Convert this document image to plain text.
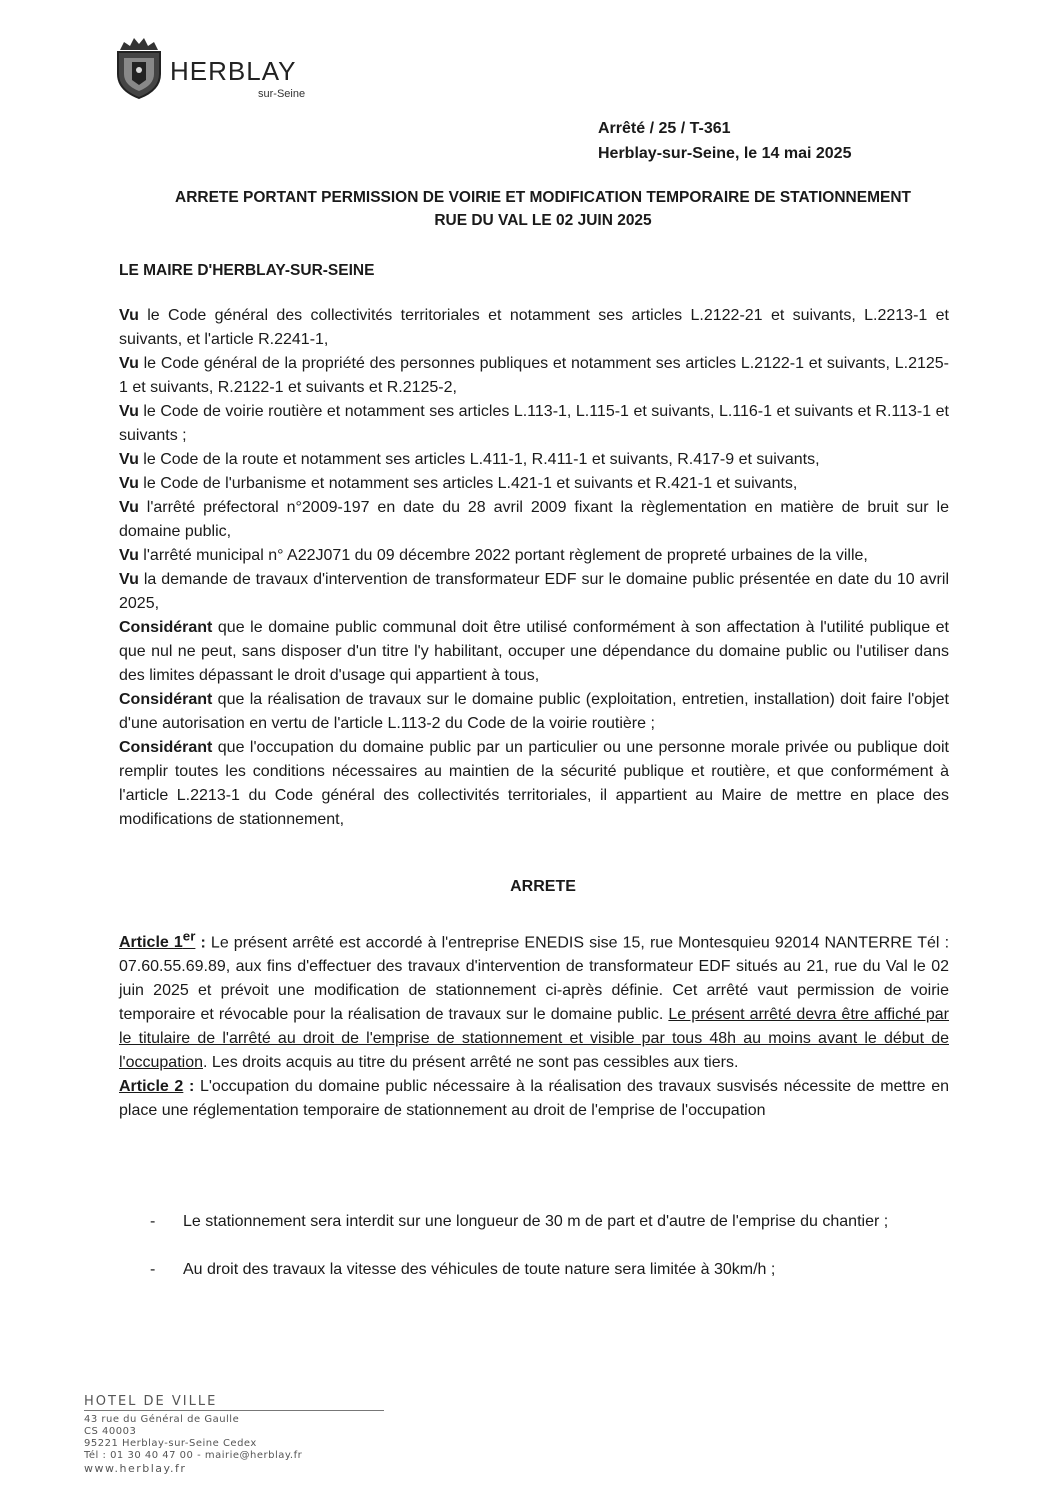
HERBLAY
sur-Seine
Arrêté / 25 / T-361
Herblay-sur-Seine, le 14 mai 2025
ARRETE PORTANT PERMISSION DE VOIRIE ET MODIFICATION TEMPORAIRE DE STATIONNEMENT
RUE DU VAL LE 02 JUIN 2025
LE MAIRE D'HERBLAY-SUR-SEINE

Vu le Code général des collectivités territoriales et notamment ses articles L.2122-21 et suivants, L.2213-1 et suivants, et l'article R.2241-1,

Vu le Code général de la propriété des personnes publiques et notamment ses articles L.2122-1 et suivants, L.2125-1 et suivants, R.2122-1 et suivants et R.2125-2,

Vu le Code de voirie routière et notamment ses articles L.113-1, L.115-1 et suivants, L.116-1 et suivants et R.113-1 et suivants ;

Vu le Code de la route et notamment ses articles L.411-1, R.411-1 et suivants, R.417-9 et suivants,

Vu le Code de l'urbanisme et notamment ses articles L.421-1 et suivants et R.421-1 et suivants,

Vu l'arrêté préfectoral n°2009-197 en date du 28 avril 2009 fixant la règlementation en matière de bruit sur le domaine public,

Vu l'arrêté municipal n° A22J071 du 09 décembre 2022 portant règlement de propreté urbaines de la ville,

Vu la demande de travaux d'intervention de transformateur EDF sur le domaine public présentée en date du 10 avril 2025,

Considérant que le domaine public communal doit être utilisé conformément à son affectation à l'utilité publique et que nul ne peut, sans disposer d'un titre l'y habilitant, occuper une dépendance du domaine public ou l'utiliser dans des limites dépassant le droit d'usage qui appartient à tous,

Considérant que la réalisation de travaux sur le domaine public (exploitation, entretien, installation) doit faire l'objet d'une autorisation en vertu de l'article L.113-2 du Code de la voirie routière ;

Considérant que l'occupation du domaine public par un particulier ou une personne morale privée ou publique doit remplir toutes les conditions nécessaires au maintien de la sécurité publique et routière, et que conformément à l'article L.2213-1 du Code général des collectivités territoriales, il appartient au Maire de mettre en place des modifications de stationnement,

ARRETE

Article 1er : Le présent arrêté est accordé à l'entreprise ENEDIS sise 15, rue Montesquieu 92014 NANTERRE Tél : 07.60.55.69.89, aux fins d'effectuer des travaux d'intervention de transformateur EDF situés au 21, rue du Val le 02 juin 2025 et prévoit une modification de stationnement ci-après définie. Cet arrêté vaut permission de voirie temporaire et révocable pour la réalisation de travaux sur le domaine public. Le présent arrêté devra être affiché par le titulaire de l'arrêté au droit de l'emprise de stationnement et visible par tous 48h au moins avant le début de l'occupation. Les droits acquis au titre du présent arrêté ne sont pas cessibles aux tiers.

Article 2 : L'occupation du domaine public nécessaire à la réalisation des travaux susvisés nécessite de mettre en place une réglementation temporaire de stationnement au droit de l'emprise de l'occupation

- Le stationnement sera interdit sur une longueur de 30 m de part et d'autre de l'emprise du chantier ;
- Au droit des travaux la vitesse des véhicules de toute nature sera limitée à 30km/h ;
HOTEL DE VILLE
43 rue du Général de Gaulle
CS 40003
95221 Herblay-sur-Seine Cedex
Tél : 01 30 40 47 00 - mairie@herblay.fr
www.herblay.fr
